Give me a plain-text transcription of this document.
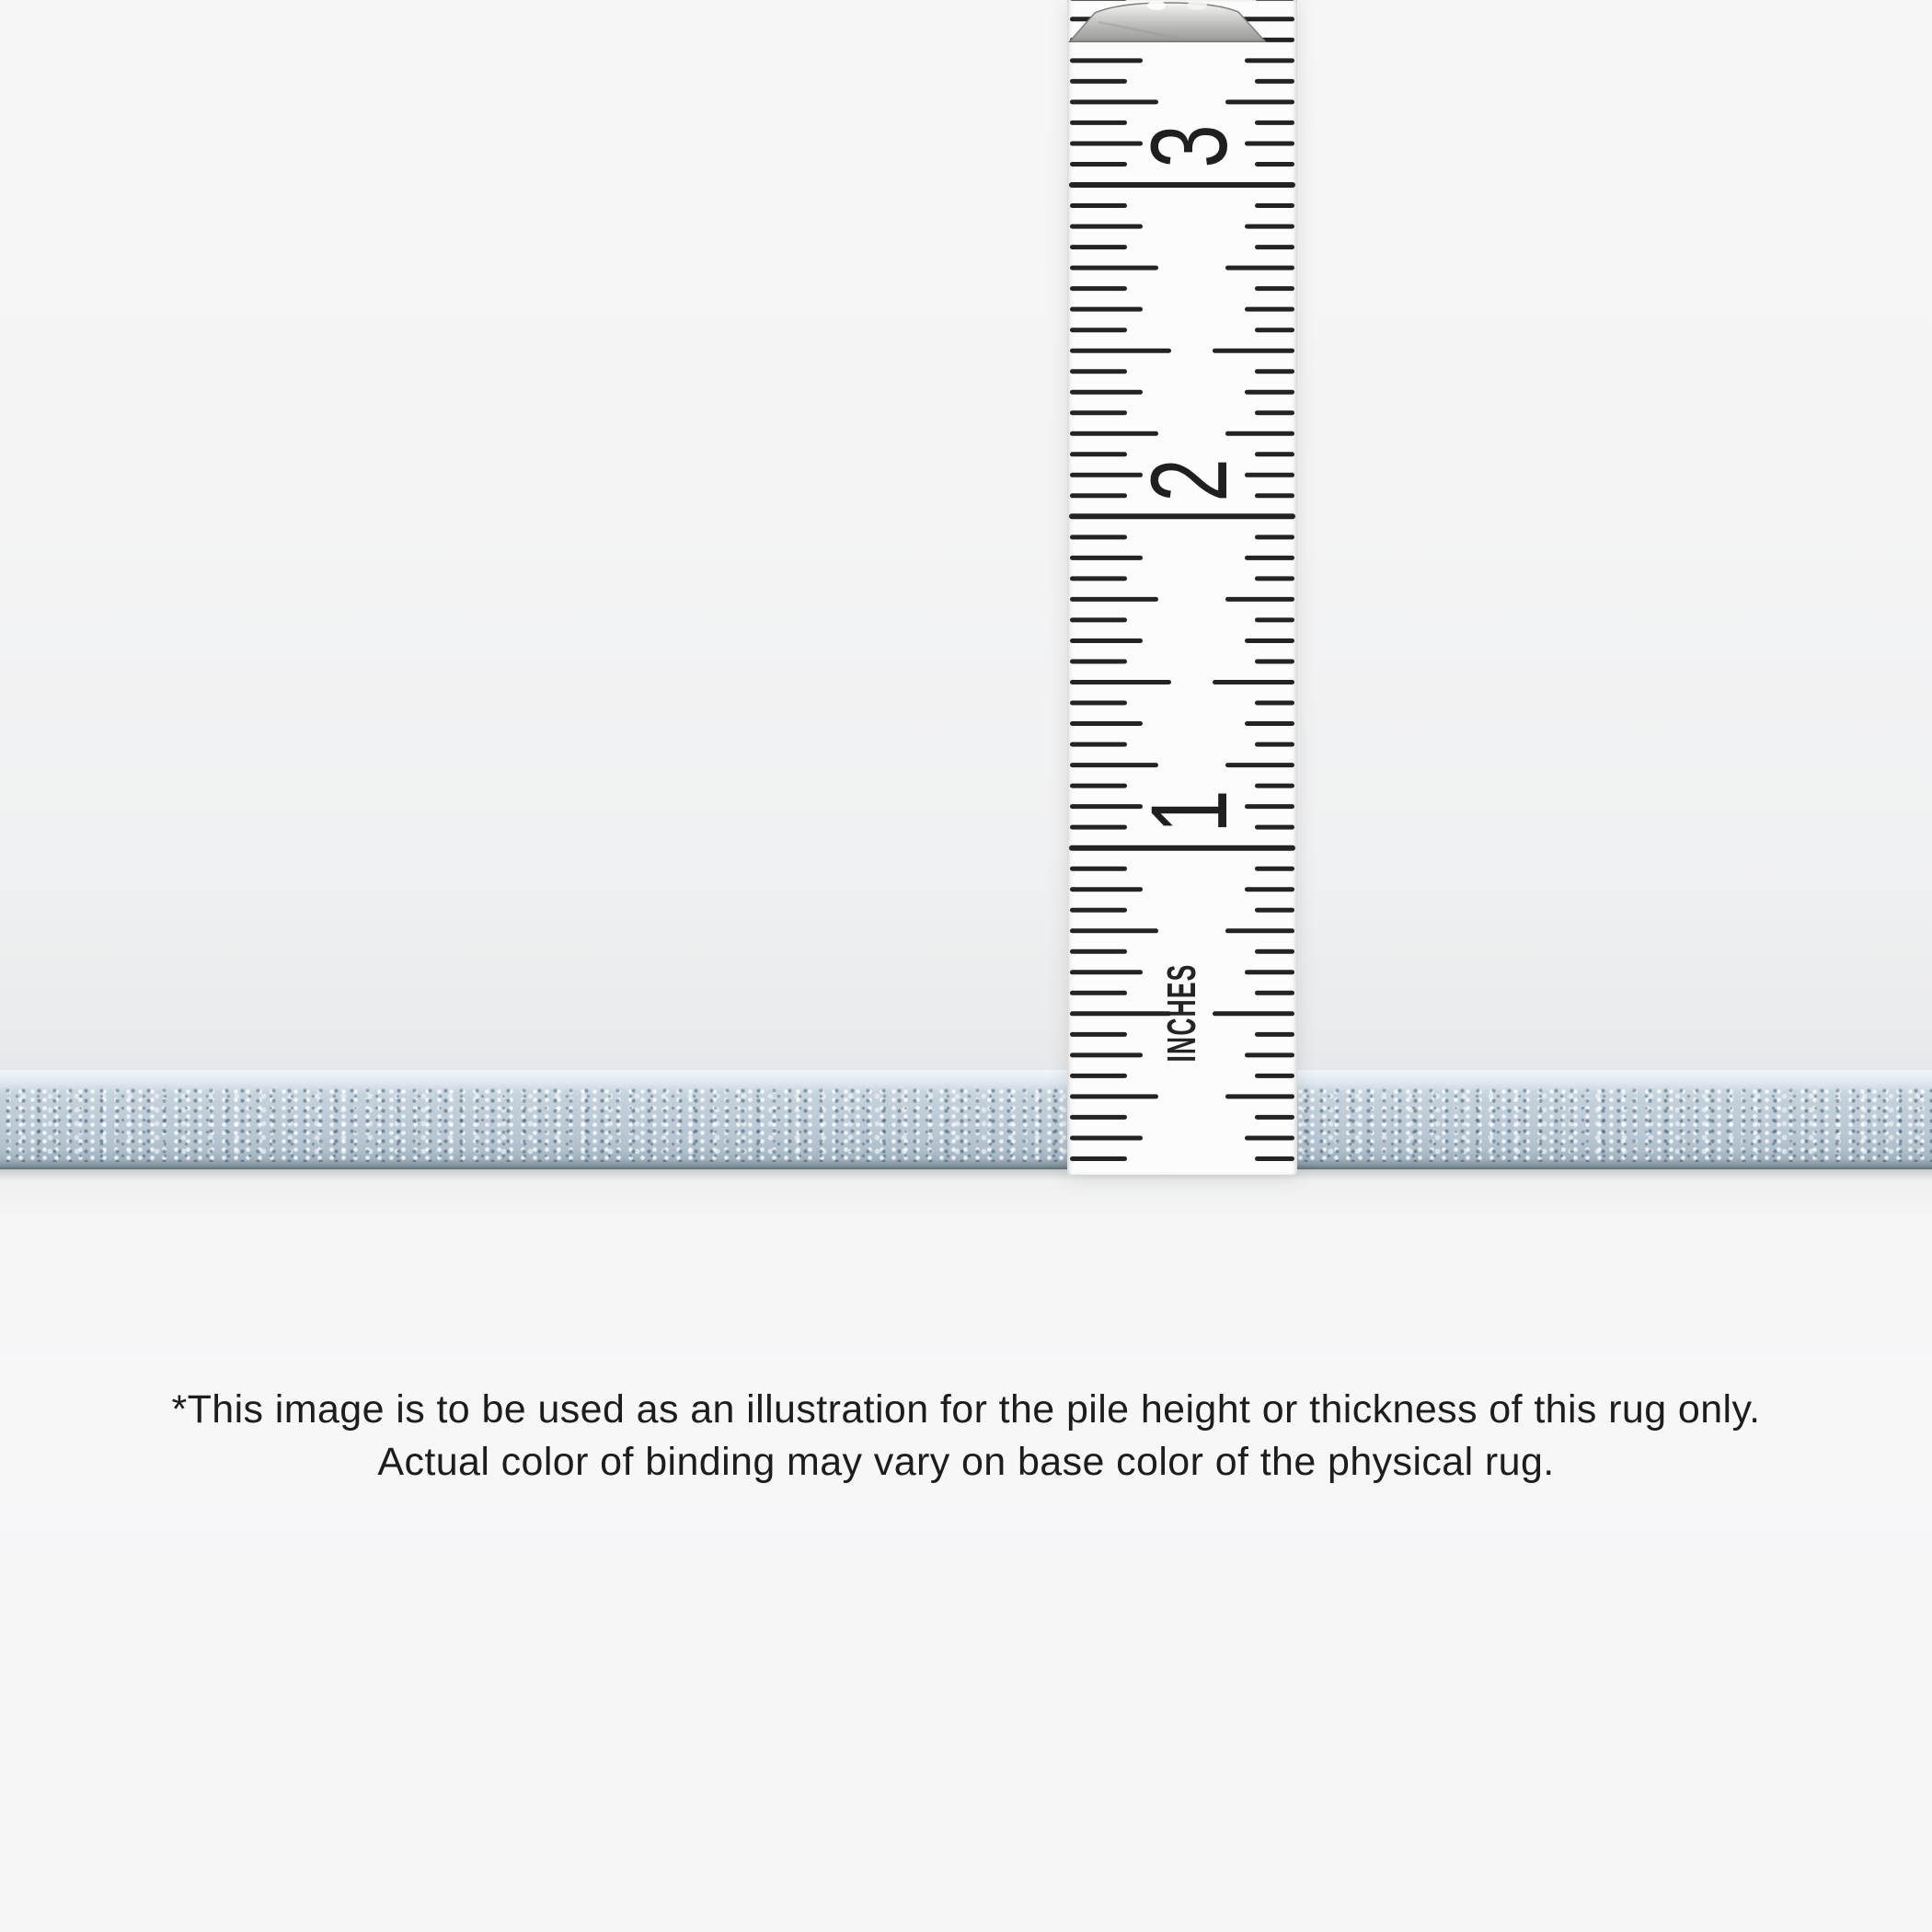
3
2
1
INCHES

*This image is to be used as an illustration for the pile height or thickness of this rug only.

Actual color of binding may vary on base color of the physical rug.
